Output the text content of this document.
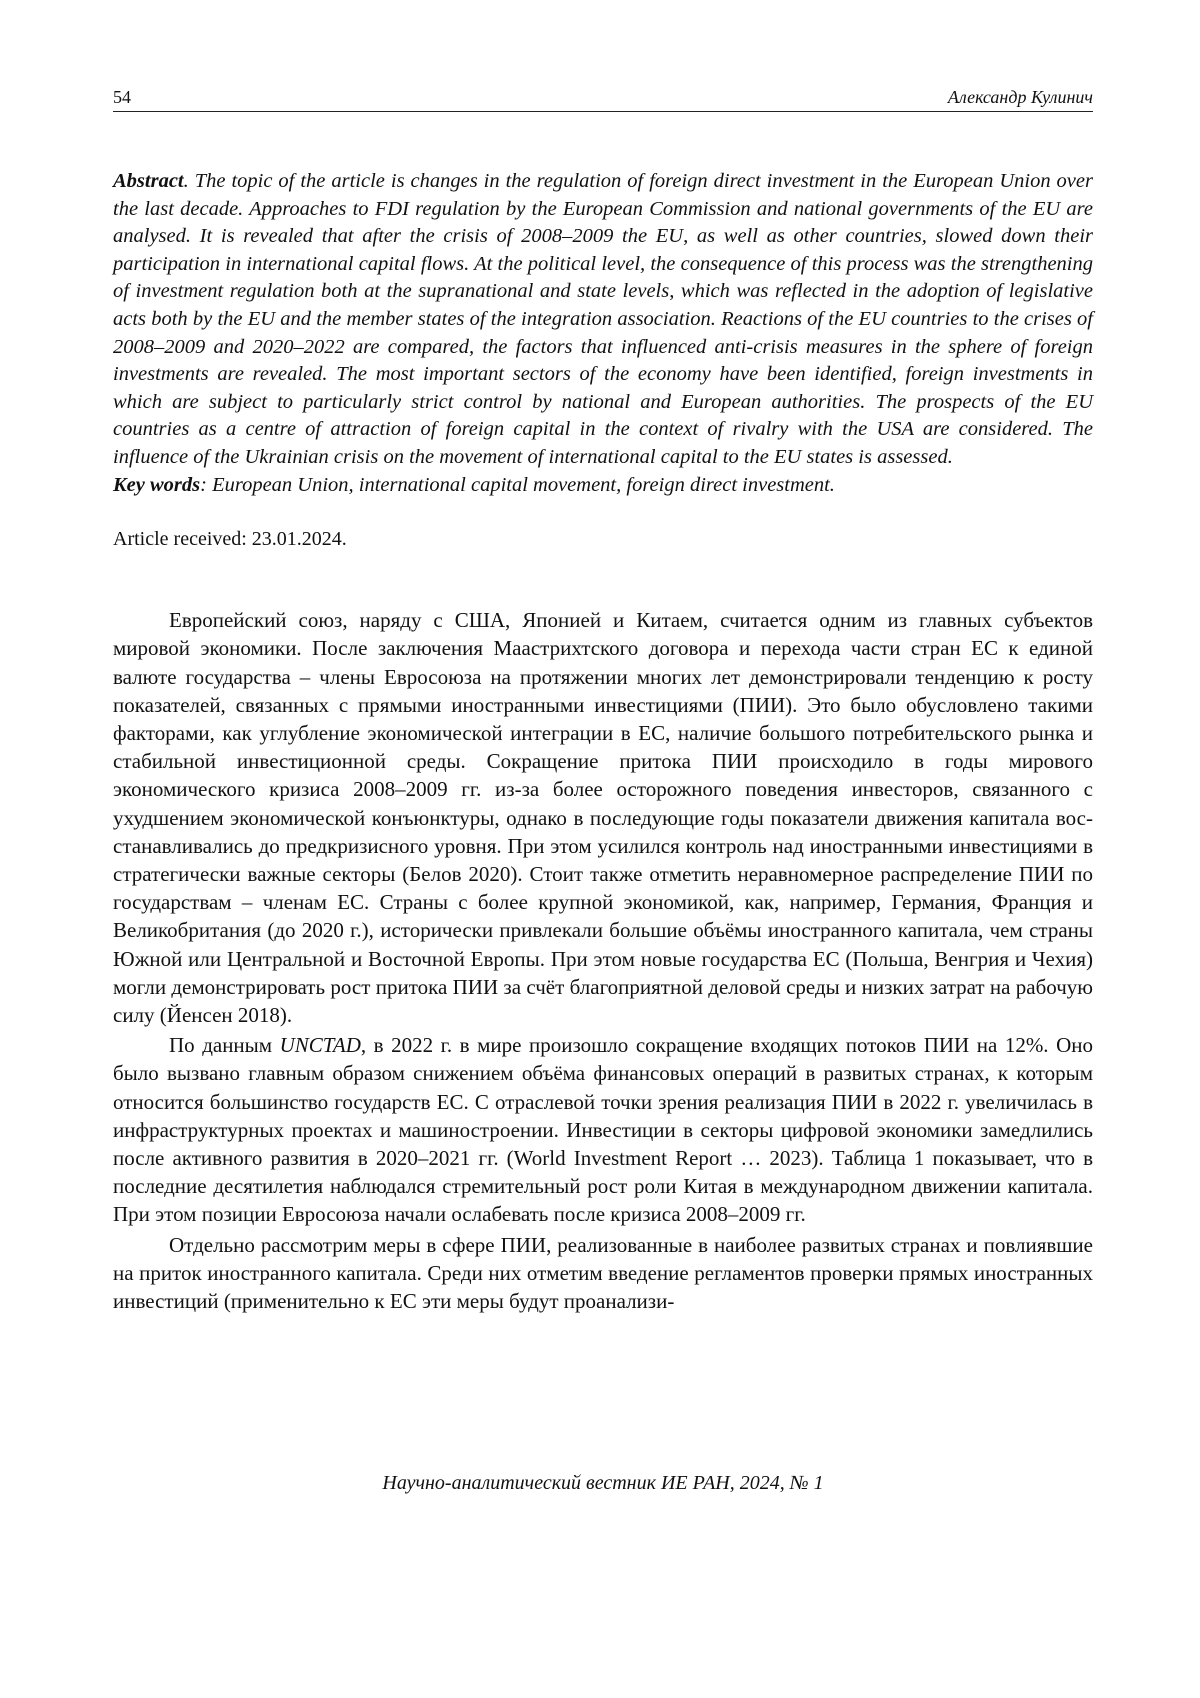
54	Александр Кулинич

Abstract. The topic of the article is changes in the regulation of foreign direct investment in the European Union over the last decade. Approaches to FDI regulation by the European Commission and national governments of the EU are analysed. It is revealed that after the crisis of 2008–2009 the EU, as well as other countries, slowed down their participation in international capital flows. At the political level, the consequence of this process was the strengthening of investment regulation both at the supranational and state levels, which was reflected in the adoption of legislative acts both by the EU and the member states of the integration association. Reactions of the EU countries to the crises of 2008–2009 and 2020–2022 are compared, the factors that influenced anti-crisis measures in the sphere of foreign investments are revealed. The most important sectors of the economy have been identified, foreign investments in which are subject to particularly strict control by national and European authorities. The prospects of the EU countries as a centre of attraction of foreign capital in the context of rivalry with the USA are considered. The influence of the Ukrainian crisis on the movement of international capital to the EU states is assessed.

Key words: European Union, international capital movement, foreign direct investment.

Article received: 23.01.2024.

Европейский союз, наряду с США, Японией и Китаем, считается одним из главных субъектов мировой экономики. После заключения Маастрихтского договора и перехода части стран ЕС к единой валюте государства – члены Евросоюза на протяжении многих лет демонстрировали тенденцию к росту показателей, связанных с прямыми иностранными инвестициями (ПИИ). Это было обусловлено такими факторами, как углубление экономической интеграции в ЕС, наличие большого потребительского рынка и стабильной инвестиционной среды. Сокращение притока ПИИ происходило в годы мирового экономического кризиса 2008–2009 гг. из-за более осторожного поведения инвесторов, связанного с ухудшением экономической конъюнктуры, однако в последующие годы показатели движения капитала восстанавливались до предкризисного уровня. При этом усилился контроль над иностранными инвестициями в стратегически важные секторы (Белов 2020). Стоит также отметить неравномерное распределение ПИИ по государствам – членам ЕС. Страны с более крупной экономикой, как, например, Германия, Франция и Великобритания (до 2020 г.), исторически привлекали большие объёмы иностранного капитала, чем страны Южной или Центральной и Восточной Европы. При этом новые государства ЕС (Польша, Венгрия и Чехия) могли демонстрировать рост притока ПИИ за счёт благоприятной деловой среды и низких затрат на рабочую силу (Йенсен 2018).

По данным UNCTAD, в 2022 г. в мире произошло сокращение входящих потоков ПИИ на 12%. Оно было вызвано главным образом снижением объёма финансовых операций в развитых странах, к которым относится большинство государств ЕС. С отраслевой точки зрения реализация ПИИ в 2022 г. увеличилась в инфраструктурных проектах и машиностроении. Инвестиции в секторы цифровой экономики замедлились после активного развития в 2020–2021 гг. (World Investment Report … 2023). Таблица 1 показывает, что в последние десятилетия наблюдался стремительный рост роли Китая в международном движении капитала. При этом позиции Евросоюза начали ослабевать после кризиса 2008–2009 гг.

Отдельно рассмотрим меры в сфере ПИИ, реализованные в наиболее развитых странах и повлиявшие на приток иностранного капитала. Среди них отметим введение регламентов проверки прямых иностранных инвестиций (применительно к ЕС эти меры будут проанализи-

Научно-аналитический вестник ИЕ РАН, 2024, № 1
